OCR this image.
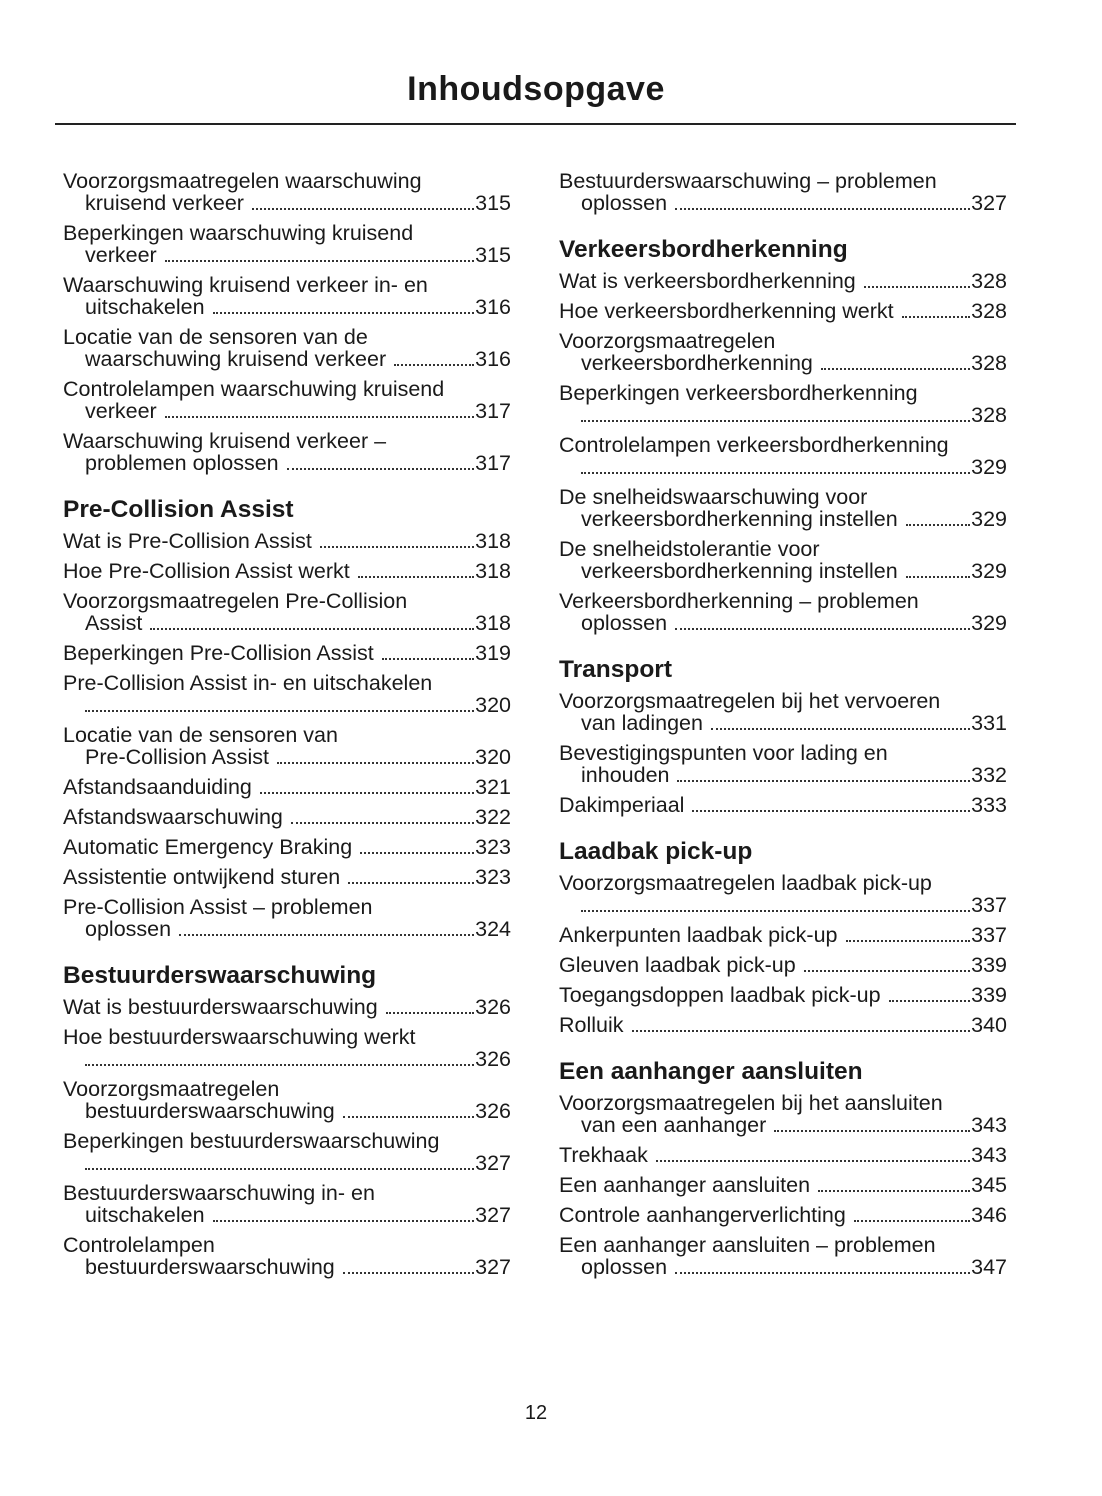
Inhoudsopgave
Voorzorgsmaatregelen waarschuwing
kruisend verkeer	315
Beperkingen waarschuwing kruisend
verkeer	315
Waarschuwing kruisend verkeer in- en
uitschakelen	316
Locatie van de sensoren van de
waarschuwing kruisend verkeer	316
Controlelampen waarschuwing kruisend
verkeer	317
Waarschuwing kruisend verkeer –
problemen oplossen	317
Pre-Collision Assist
Wat is Pre-Collision Assist	318
Hoe Pre-Collision Assist werkt	318
Voorzorgsmaatregelen Pre-Collision
Assist	318
Beperkingen Pre-Collision Assist	319
Pre-Collision Assist in- en uitschakelen
320
Locatie van de sensoren van
Pre-Collision Assist	320
Afstandsaanduiding	321
Afstandswaarschuwing	322
Automatic Emergency Braking	323
Assistentie ontwijkend sturen	323
Pre-Collision Assist – problemen
oplossen	324
Bestuurderswaarschuwing
Wat is bestuurderswaarschuwing	326
Hoe bestuurderswaarschuwing werkt
326
Voorzorgsmaatregelen
bestuurderswaarschuwing	326
Beperkingen bestuurderswaarschuwing
327
Bestuurderswaarschuwing in- en
uitschakelen	327
Controlelampen
bestuurderswaarschuwing	327
Bestuurderswaarschuwing – problemen
oplossen	327
Verkeersbordherkenning
Wat is verkeersbordherkenning	328
Hoe verkeersbordherkenning werkt	328
Voorzorgsmaatregelen
verkeersbordherkenning	328
Beperkingen verkeersbordherkenning
328
Controlelampen verkeersbordherkenning
329
De snelheidswaarschuwing voor
verkeersbordherkenning instellen	329
De snelheidstolerantie voor
verkeersbordherkenning instellen	329
Verkeersbordherkenning – problemen
oplossen	329
Transport
Voorzorgsmaatregelen bij het vervoeren
van ladingen	331
Bevestigingspunten voor lading en
inhouden	332
Dakimperiaal	333
Laadbak pick-up
Voorzorgsmaatregelen laadbak pick-up
337
Ankerpunten laadbak pick-up	337
Gleuven laadbak pick-up	339
Toegangsdoppen laadbak pick-up	339
Rolluik	340
Een aanhanger aansluiten
Voorzorgsmaatregelen bij het aansluiten
van een aanhanger	343
Trekhaak	343
Een aanhanger aansluiten	345
Controle aanhangerverlichting	346
Een aanhanger aansluiten – problemen
oplossen	347
12
